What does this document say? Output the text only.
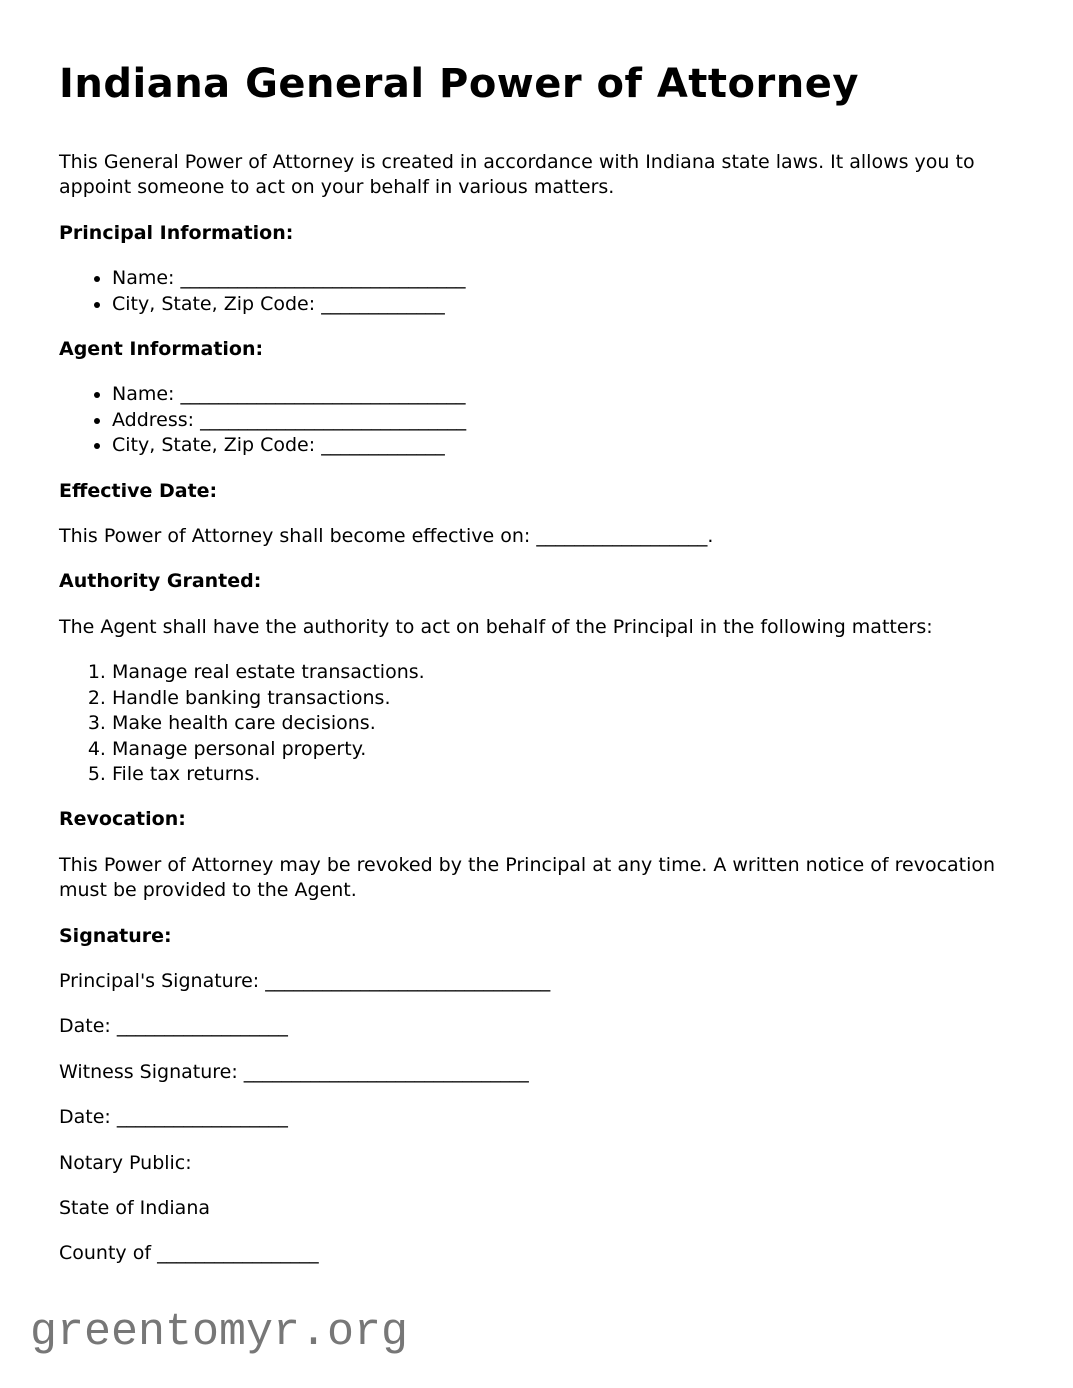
Indiana General Power of Attorney

This General Power of Attorney is created in accordance with Indiana state laws. It allows you to appoint someone to act on your behalf in various matters.

Principal Information:

• Name: ______________________________
• City, State, Zip Code: _____________

Agent Information:

• Name: ______________________________
• Address: ____________________________
• City, State, Zip Code: _____________

Effective Date:

This Power of Attorney shall become effective on: __________________.

Authority Granted:

The Agent shall have the authority to act on behalf of the Principal in the following matters:

1. Manage real estate transactions.
2. Handle banking transactions.
3. Make health care decisions.
4. Manage personal property.
5. File tax returns.

Revocation:

This Power of Attorney may be revoked by the Principal at any time. A written notice of revocation must be provided to the Agent.

Signature:

Principal's Signature: ______________________________

Date: __________________

Witness Signature: ______________________________

Date: __________________

Notary Public:

State of Indiana

County of _________________

greentomyr.org
